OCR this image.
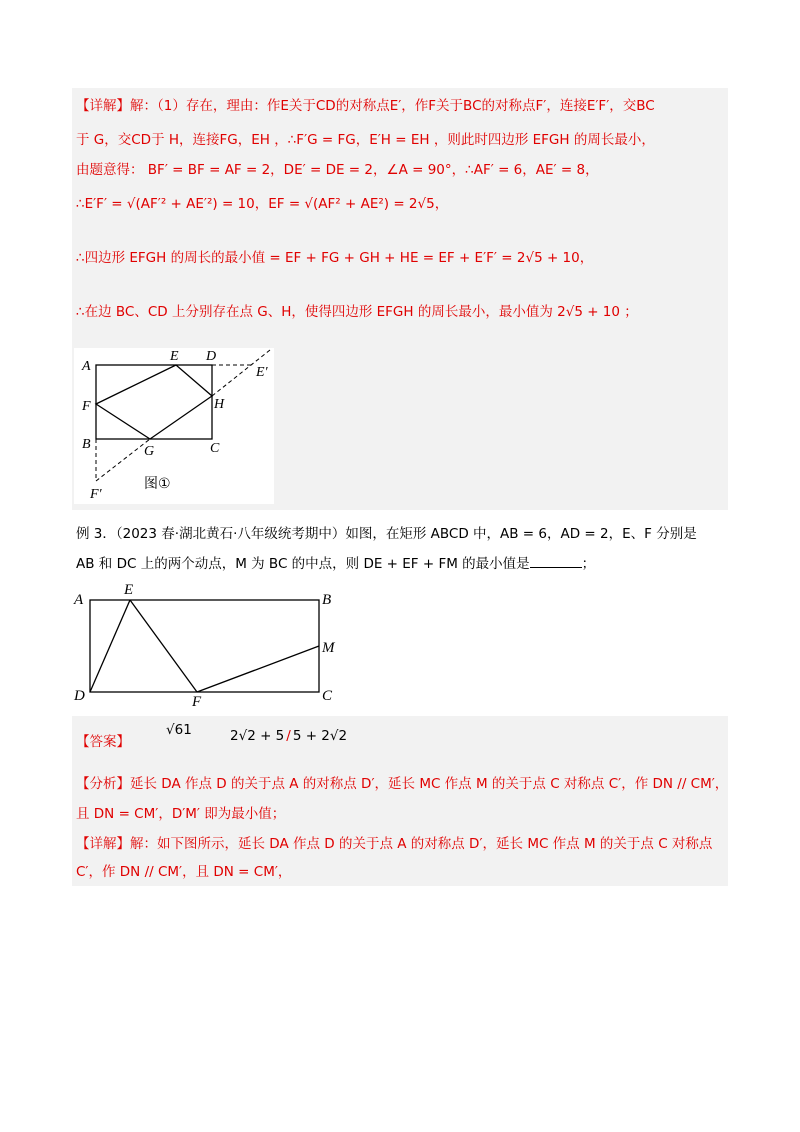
【详解】解：（1）存在，理由：作E关于CD的对称点E′，作F关于BC的对称点F′，连接E′F′，交BC
于 G，交CD于 H，连接FG，EH ，∴F′G = FG，E′H = EH ，则此时四边形 EFGH 的周长最小，
由题意得： BF′ = BF = AF = 2，DE′ = DE = 2，∠A = 90°，∴AF′ = 6，AE′ = 8，
∴E′F′ = √(AF′² + AE′²) = 10，EF = √(AF² + AE²) = 2√5，
∴四边形 EFGH 的周长的最小值 = EF + FG + GH + HE = EF + E′F′ = 2√5 + 10，
∴在边 BC、CD 上分别存在点 G、H，使得四边形 EFGH 的周长最小，最小值为 2√5 + 10 ；
A
E D
E′
F	H
B	G	C
F′
图①
例 3．（2023 春·湖北黄石·八年级统考期中）如图，在矩形 ABCD 中，AB = 6，AD = 2，E、F 分别是
AB 和 DC 上的两个动点，M 为 BC 的中点，则 DE + EF + FM 的最小值是	；
A
E
B
M
D	F	C
【答案】
√61	2√2 + 5 / 5 + 2√2
【分析】延长 DA 作点 D 的关于点 A 的对称点 D′，延长 MC 作点 M 的关于点 C 对称点 C′，作 DN // CM′，
且 DN = CM′，D′M′ 即为最小值；
【详解】解：如下图所示，延长 DA 作点 D 的关于点 A 的对称点 D′，延长 MC 作点 M 的关于点 C 对称点
C′，作 DN // CM′，且 DN = CM′，
